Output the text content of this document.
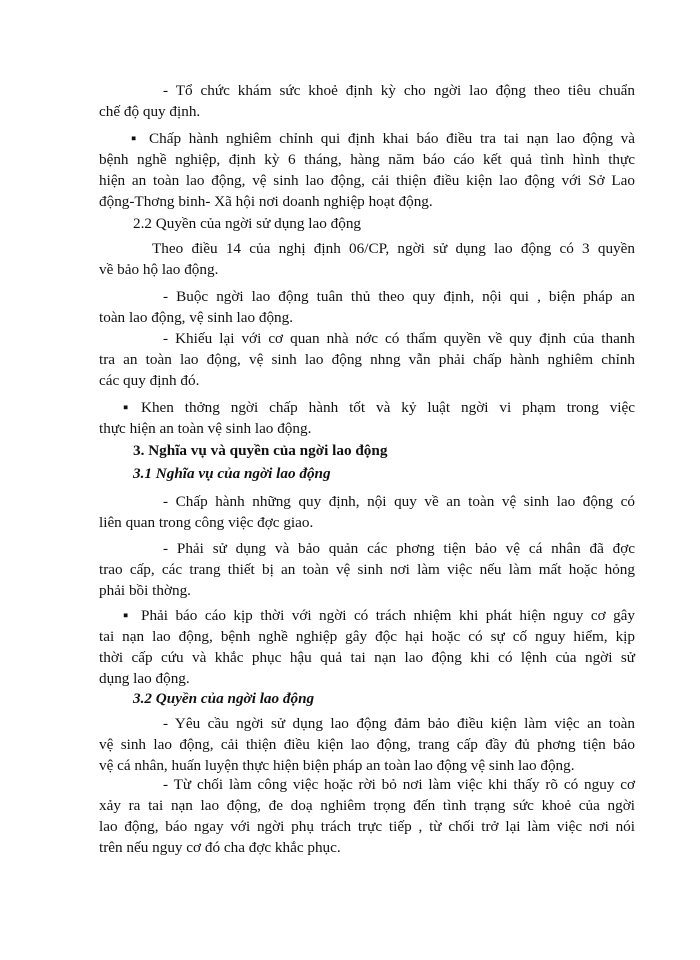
- Tổ chức khám sức khoẻ định kỳ cho ngời lao động theo tiêu chuẩn
chế độ quy định.
▪ Chấp hành nghiêm chỉnh qui định khai báo điều tra tai nạn lao động và
bệnh nghề nghiệp, định kỳ 6 tháng, hàng năm báo cáo kết quả tình hình thực
hiện an toàn lao động, vệ sinh lao động, cải thiện điều kiện lao động với Sở Lao
động-Thơng binh- Xã hội nơi doanh nghiệp hoạt động.
2.2 Quyền của ngời sử dụng lao động
Theo điều 14 của nghị định 06/CP, ngời sử dụng lao động có 3 quyền
về bảo hộ lao động.
- Buộc ngời lao động tuân thủ theo quy định, nội qui , biện pháp an
toàn lao động, vệ sinh lao động.
- Khiếu lại với cơ quan nhà nớc có thẩm quyền về quy định của thanh
tra an toàn lao động, vệ sinh lao động nhng vẫn phải chấp hành nghiêm chỉnh
các quy định đó.
▪ Khen thởng ngời chấp hành tốt và kỷ luật ngời vi phạm trong việc
thực hiện an toàn vệ sinh lao động.
3. Nghĩa vụ và quyền của ngời lao động
3.1 Nghĩa vụ của ngời lao động
- Chấp hành những quy định, nội quy về an toàn vệ sinh lao động có
liên quan trong công việc đợc giao.
- Phải sử dụng và bảo quản các phơng tiện bảo vệ cá nhân đã đợc
trao cấp, các trang thiết bị an toàn vệ sinh nơi làm việc nếu làm mất hoặc hỏng
phải bồi thờng.
▪ Phải báo cáo kịp thời với ngời có trách nhiệm khi phát hiện nguy cơ gây
tai nạn lao động, bệnh nghề nghiệp gây độc hại hoặc có sự cố nguy hiểm, kịp
thời cấp cứu và khắc phục hậu quả tai nạn lao động khi có lệnh của ngời sử
dụng lao động.
3.2 Quyền của ngời lao động
- Yêu cầu ngời sử dụng lao động đảm bảo điều kiện làm việc an toàn
vệ sinh lao động, cải thiện điều kiện lao động, trang cấp đầy đủ phơng tiện bảo
vệ cá nhân, huấn luyện thực hiện biện pháp an toàn lao động vệ sinh lao động.
- Từ chối làm công việc hoặc rời bỏ nơi làm việc khi thấy rõ có nguy cơ
xảy ra tai nạn lao động, đe doạ nghiêm trọng đến tình trạng sức khoẻ của ngời
lao động, báo ngay với ngời phụ trách trực tiếp , từ chối trở lại làm việc nơi nói
trên nếu nguy cơ đó cha đợc khắc phục.
